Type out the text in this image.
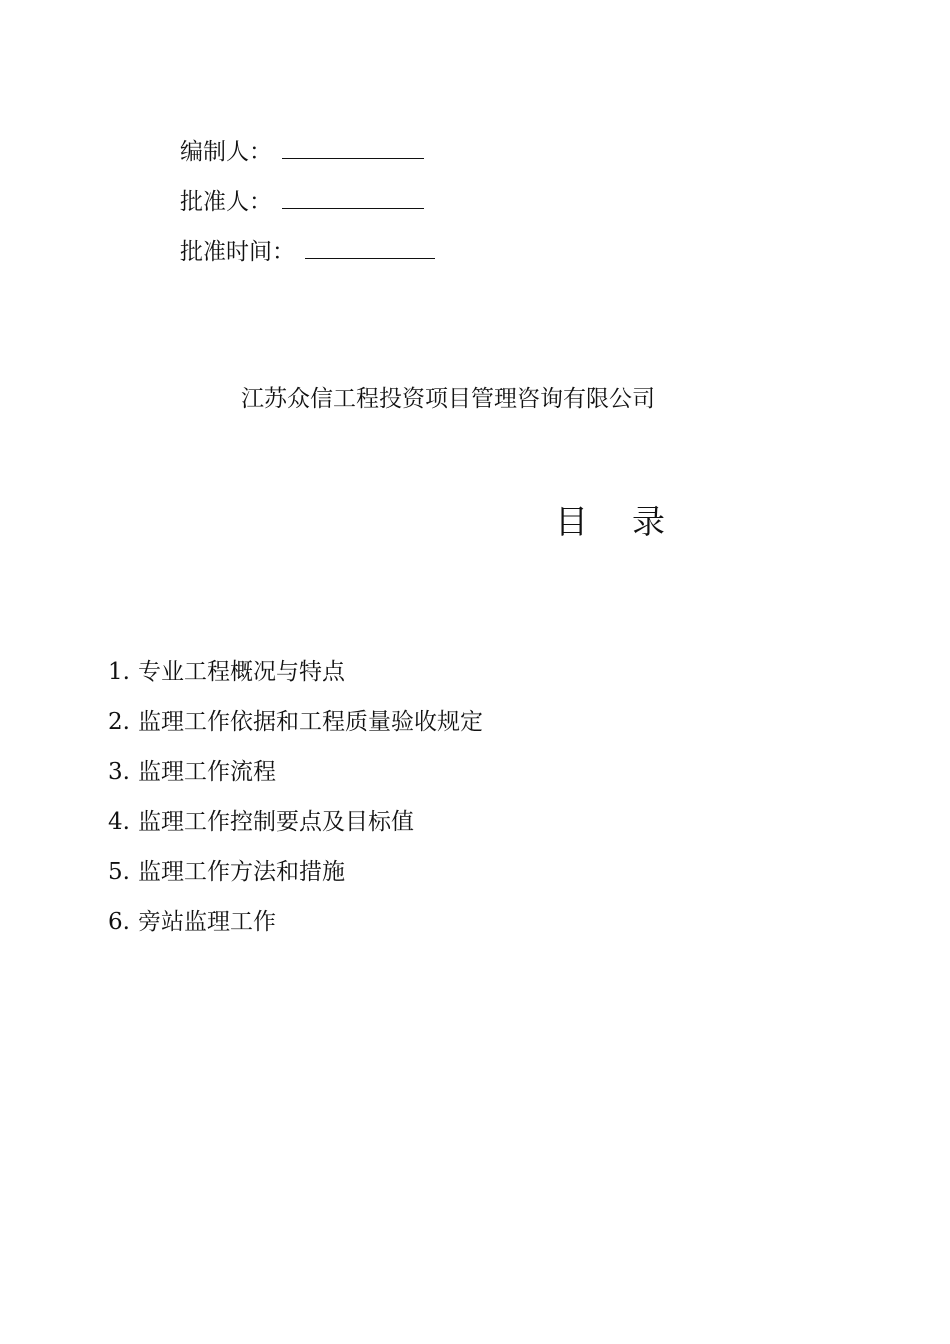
编制人：
批准人：
批准时间：
江苏众信工程投资项目管理咨询有限公司
目 录
1. 专业工程概况与特点
2. 监理工作依据和工程质量验收规定
3. 监理工作流程
4. 监理工作控制要点及目标值
5. 监理工作方法和措施
6. 旁站监理工作
